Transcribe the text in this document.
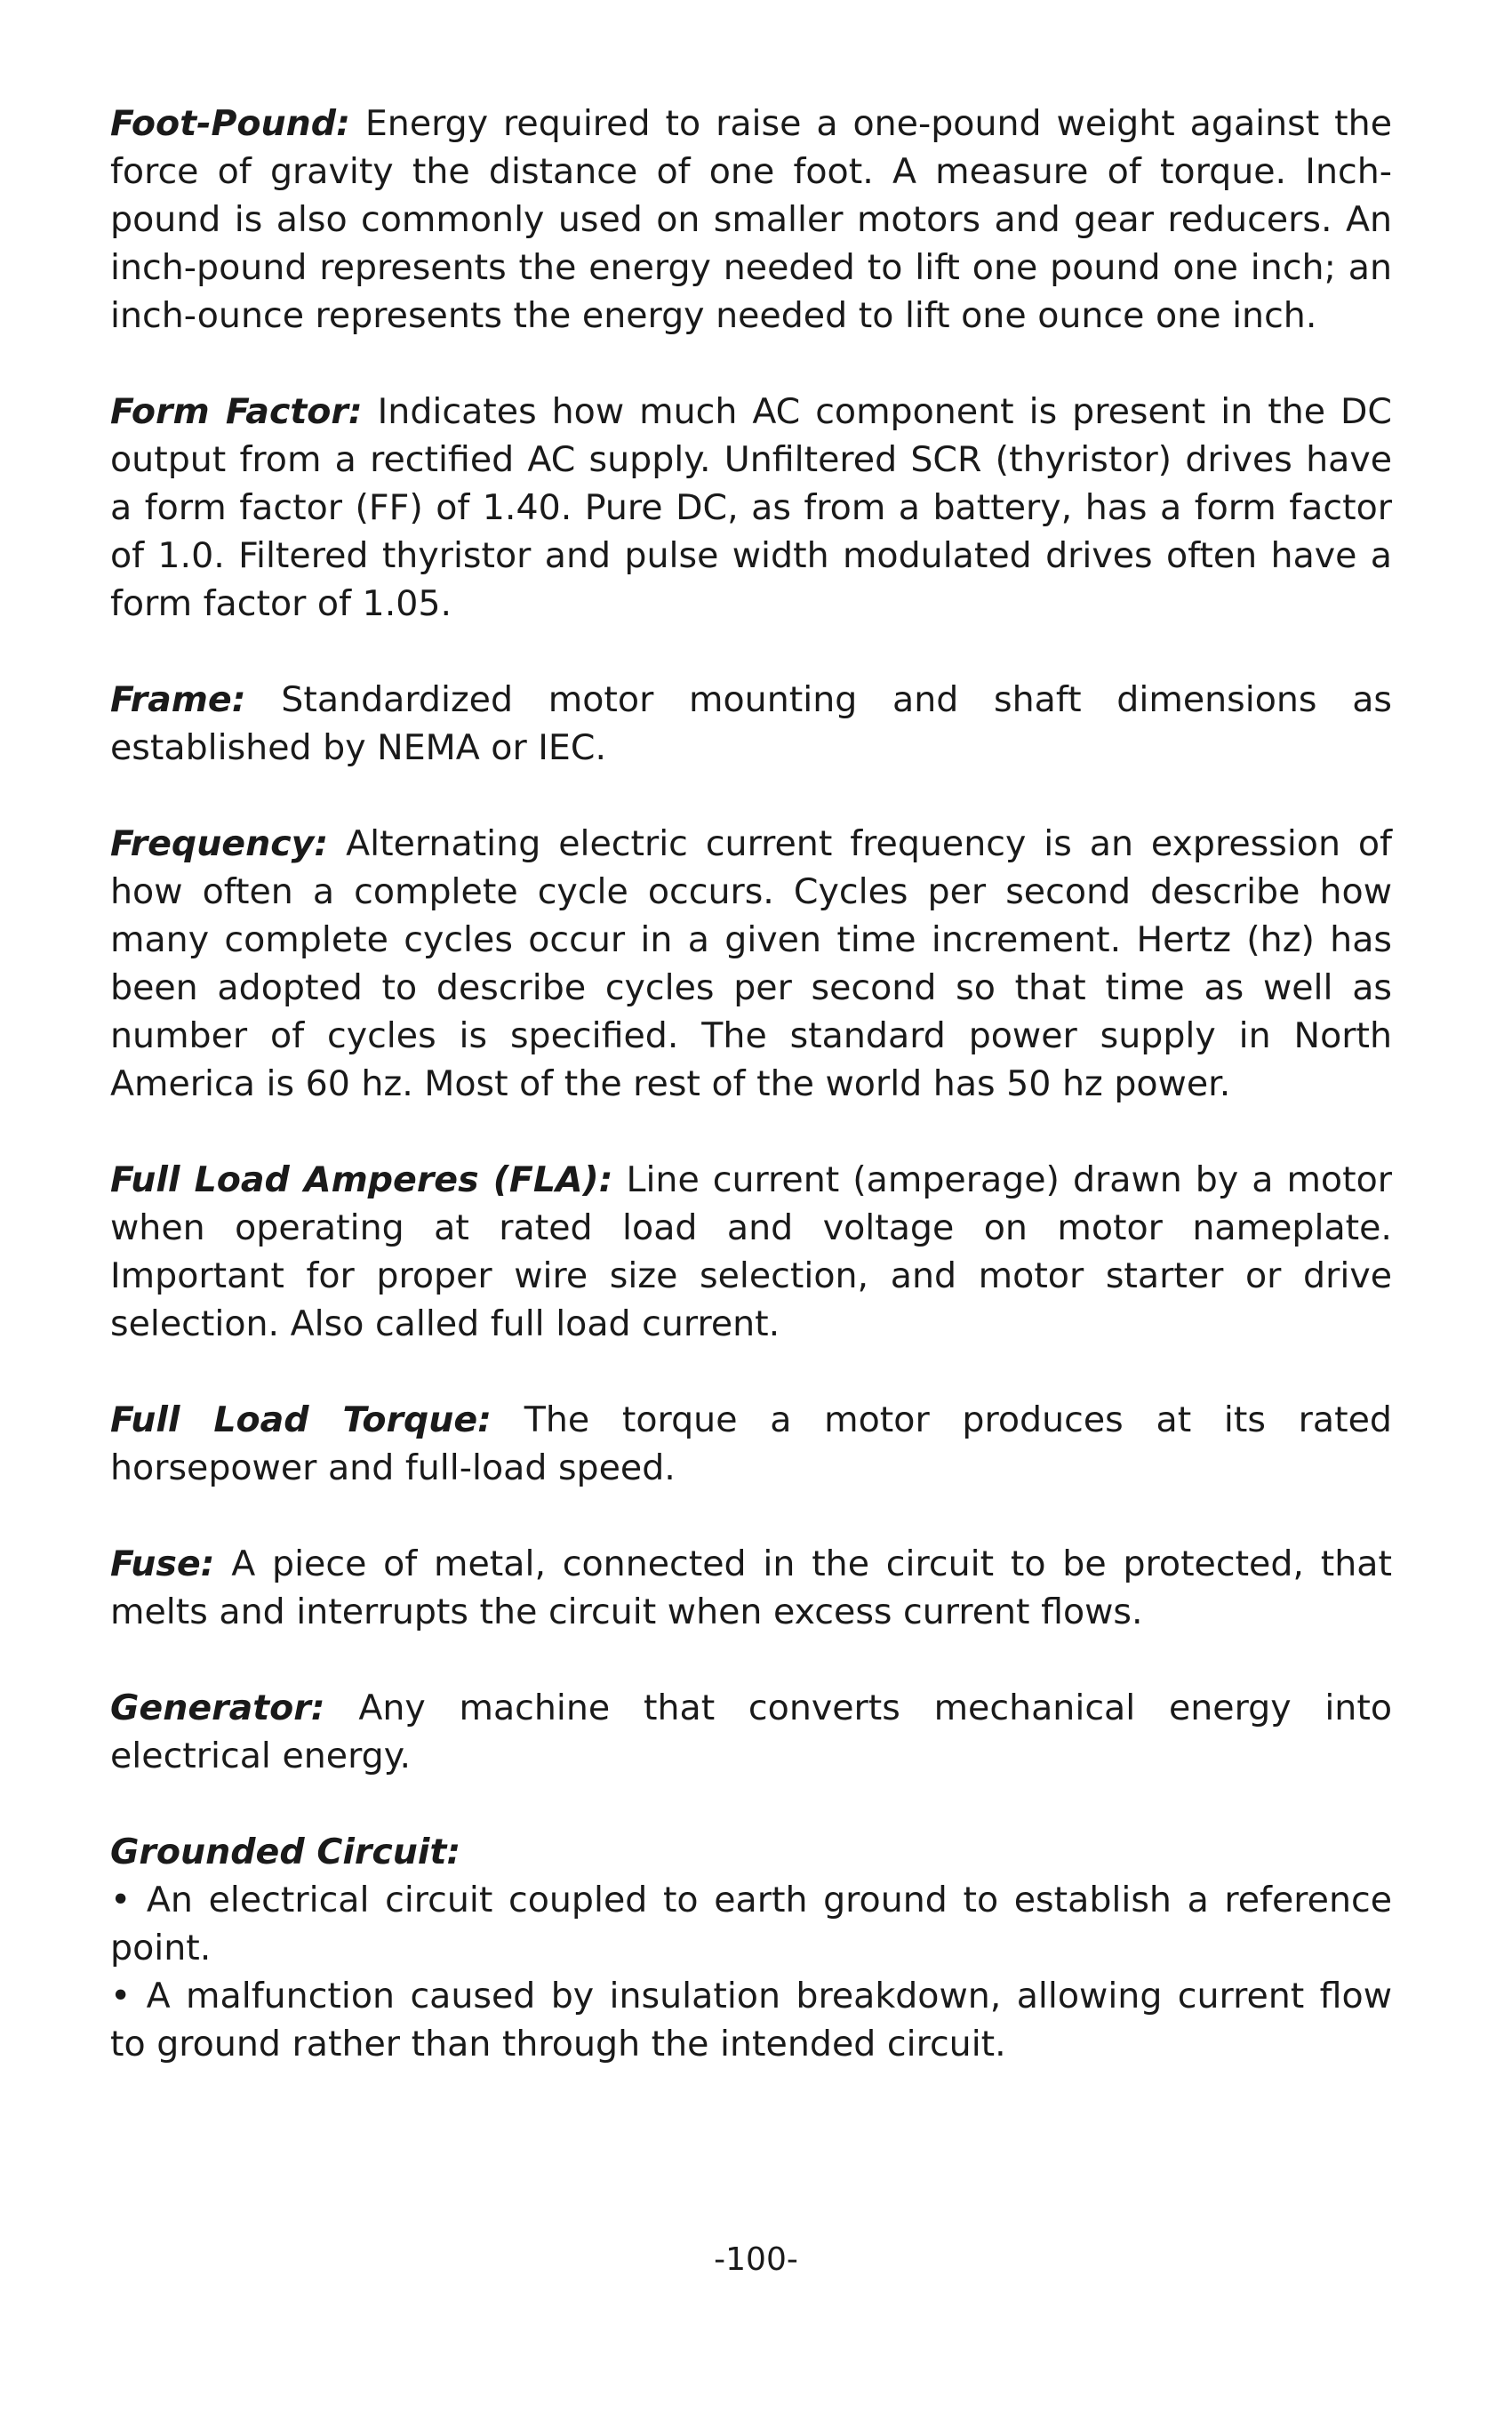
Foot-Pound: Energy required to raise a one-pound weight against the force of gravity the distance of one foot. A measure of torque. Inch-pound is also commonly used on smaller motors and gear reducers. An inch-pound represents the energy needed to lift one pound one inch; an inch-ounce represents the energy needed to lift one ounce one inch.

Form Factor: Indicates how much AC component is present in the DC output from a rectified AC supply. Unfiltered SCR (thyristor) drives have a form factor (FF) of 1.40. Pure DC, as from a battery, has a form factor of 1.0. Filtered thyristor and pulse width modulated drives often have a form factor of 1.05.

Frame: Standardized motor mounting and shaft dimensions as established by NEMA or IEC.

Frequency: Alternating electric current frequency is an expression of how often a complete cycle occurs. Cycles per second describe how many complete cycles occur in a given time increment. Hertz (hz) has been adopted to describe cycles per second so that time as well as number of cycles is specified. The standard power supply in North America is 60 hz. Most of the rest of the world has 50 hz power.

Full Load Amperes (FLA): Line current (amperage) drawn by a motor when operating at rated load and voltage on motor nameplate. Important for proper wire size selection, and motor starter or drive selection. Also called full load current.

Full Load Torque: The torque a motor produces at its rated horsepower and full-load speed.

Fuse: A piece of metal, connected in the circuit to be protected, that melts and interrupts the circuit when excess current flows.

Generator: Any machine that converts mechanical energy into electrical energy.

Grounded Circuit:

• An electrical circuit coupled to earth ground to establish a reference point.

• A malfunction caused by insulation breakdown, allowing current flow to ground rather than through the intended circuit.

-100-
